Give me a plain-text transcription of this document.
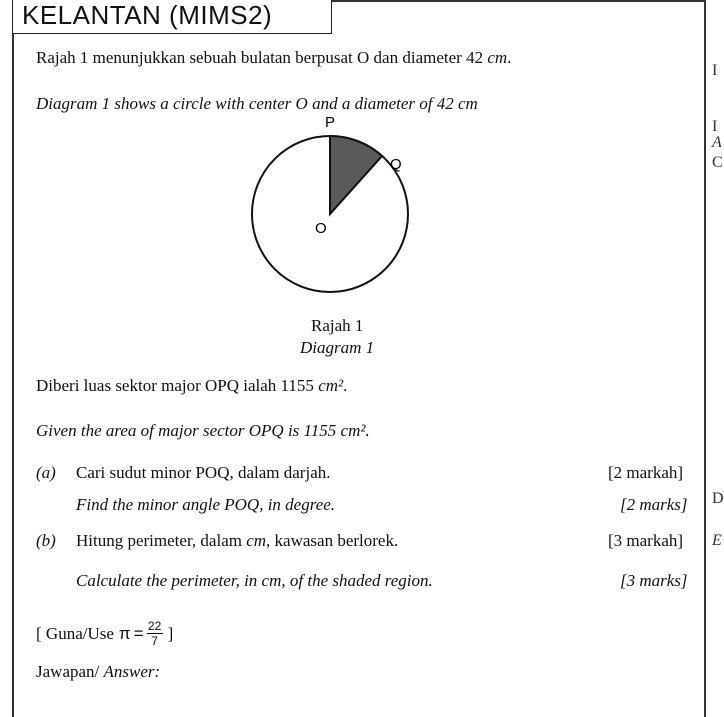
KELANTAN (MIMS2)
Rajah 1 menunjukkan sebuah bulatan berpusat O dan diameter 42 cm.
Diagram 1 shows a circle with center O and a diameter of 42 cm
P
Q
O
Rajah 1
Diagram 1
Diberi luas sektor major OPQ ialah 1155 cm².
Given the area of major sector OPQ is 1155 cm².
(a) Cari sudut minor POQ, dalam darjah.	[2 markah]
Find the minor angle POQ, in degree.	[2 marks]
(b) Hitung perimeter, dalam cm, kawasan berlorek.	[3 markah]
Calculate the perimeter, in cm, of the shaded region.	[3 marks]
[ Guna/Use π = 22
7 ]
Jawapan/ Answer:
I
I
A
C
D
E
